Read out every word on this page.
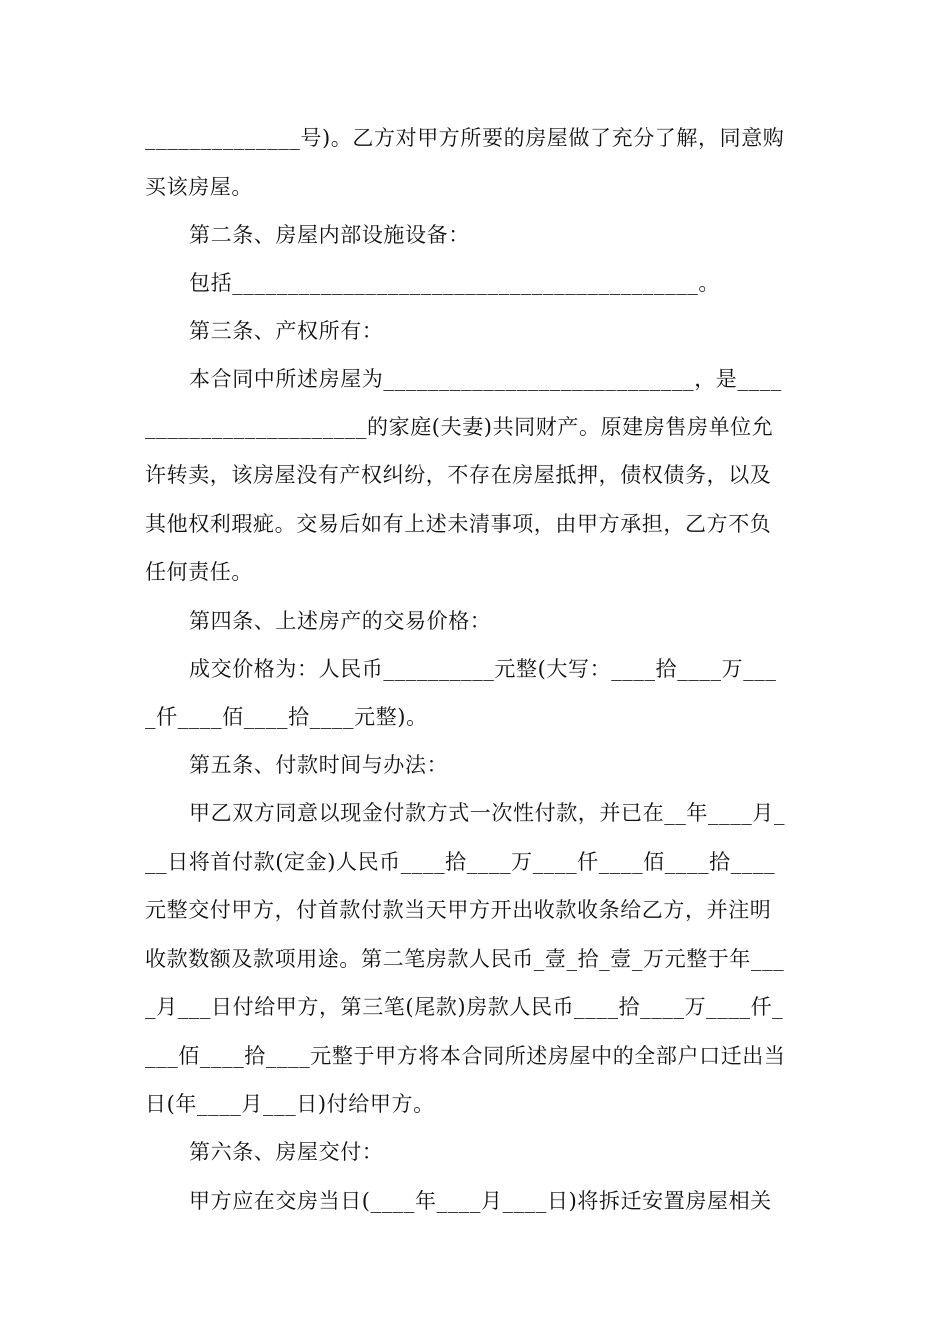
______________号)。乙方对甲方所要的房屋做了充分了解，同意购
买该房屋。
第二条、房屋内部设施设备：
包括__________________________________________。
第三条、产权所有：
本合同中所述房屋为____________________________，是____
____________________的家庭(夫妻)共同财产。原建房售房单位允
许转卖，该房屋没有产权纠纷，不存在房屋抵押，债权债务，以及
其他权利瑕疵。交易后如有上述未清事项，由甲方承担，乙方不负
任何责任。
第四条、上述房产的交易价格：
成交价格为：人民币__________元整(大写：____拾____万___
_仟____佰____拾____元整)。
第五条、付款时间与办法：
甲乙双方同意以现金付款方式一次性付款，并已在__年____月_
__日将首付款(定金)人民币____拾____万____仟____佰____拾____
元整交付甲方，付首款付款当天甲方开出收款收条给乙方，并注明
收款数额及款项用途。第二笔房款人民币_壹_拾_壹_万元整于年___
_月___日付给甲方，第三笔(尾款)房款人民币____拾____万____仟_
___佰____拾____元整于甲方将本合同所述房屋中的全部户口迁出当
日(年____月___日)付给甲方。
第六条、房屋交付：
甲方应在交房当日(____年____月____日)将拆迁安置房屋相关
